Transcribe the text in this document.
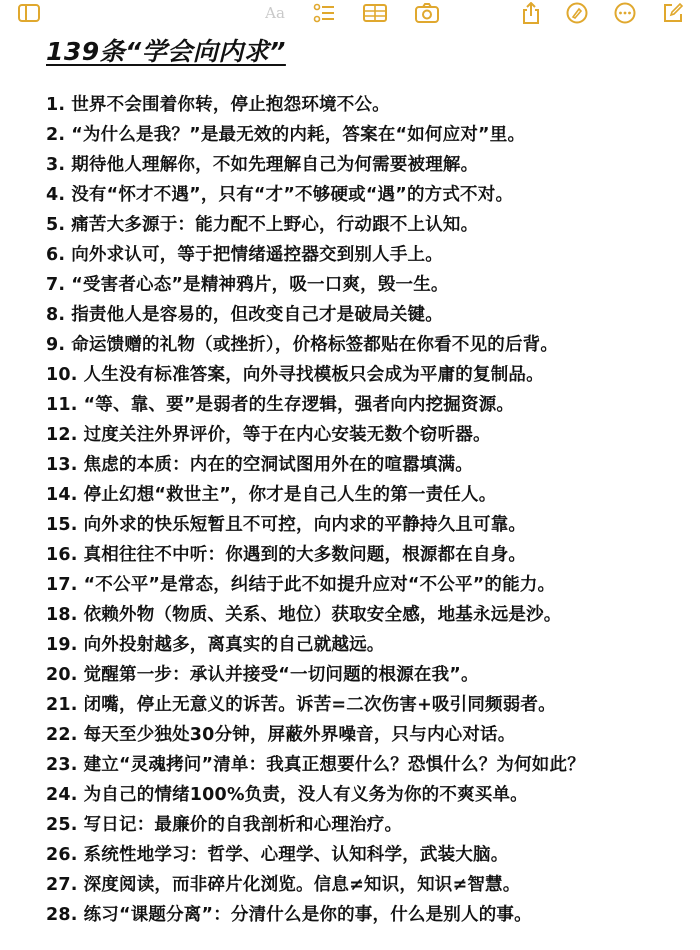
Aa
139条“学会向内求”
1. 世界不会围着你转，停止抱怨环境不公。
2. “为什么是我？”是最无效的内耗，答案在“如何应对”里。
3. 期待他人理解你，不如先理解自己为何需要被理解。
4. 没有“怀才不遇”，只有“才”不够硬或“遇”的方式不对。
5. 痛苦大多源于：能力配不上野心，行动跟不上认知。
6. 向外求认可，等于把情绪遥控器交到别人手上。
7. “受害者心态”是精神鸦片，吸一口爽，毁一生。
8. 指责他人是容易的，但改变自己才是破局关键。
9. 命运馈赠的礼物（或挫折），价格标签都贴在你看不见的后背。
10. 人生没有标准答案，向外寻找模板只会成为平庸的复制品。
11. “等、靠、要”是弱者的生存逻辑，强者向内挖掘资源。
12. 过度关注外界评价，等于在内心安装无数个窃听器。
13. 焦虑的本质：内在的空洞试图用外在的喧嚣填满。
14. 停止幻想“救世主”，你才是自己人生的第一责任人。
15. 向外求的快乐短暂且不可控，向内求的平静持久且可靠。
16. 真相往往不中听：你遇到的大多数问题，根源都在自身。
17. “不公平”是常态，纠结于此不如提升应对“不公平”的能力。
18. 依赖外物（物质、关系、地位）获取安全感，地基永远是沙。
19. 向外投射越多，离真实的自己就越远。
20. 觉醒第一步：承认并接受“一切问题的根源在我”。
21. 闭嘴，停止无意义的诉苦。诉苦=二次伤害+吸引同频弱者。
22. 每天至少独处30分钟，屏蔽外界噪音，只与内心对话。
23. 建立“灵魂拷问”清单：我真正想要什么？恐惧什么？为何如此？
24. 为自己的情绪100%负责，没人有义务为你的不爽买单。
25. 写日记：最廉价的自我剖析和心理治疗。
26. 系统性地学习：哲学、心理学、认知科学，武装大脑。
27. 深度阅读，而非碎片化浏览。信息≠知识，知识≠智慧。
28. 练习“课题分离”：分清什么是你的事，什么是别人的事。
